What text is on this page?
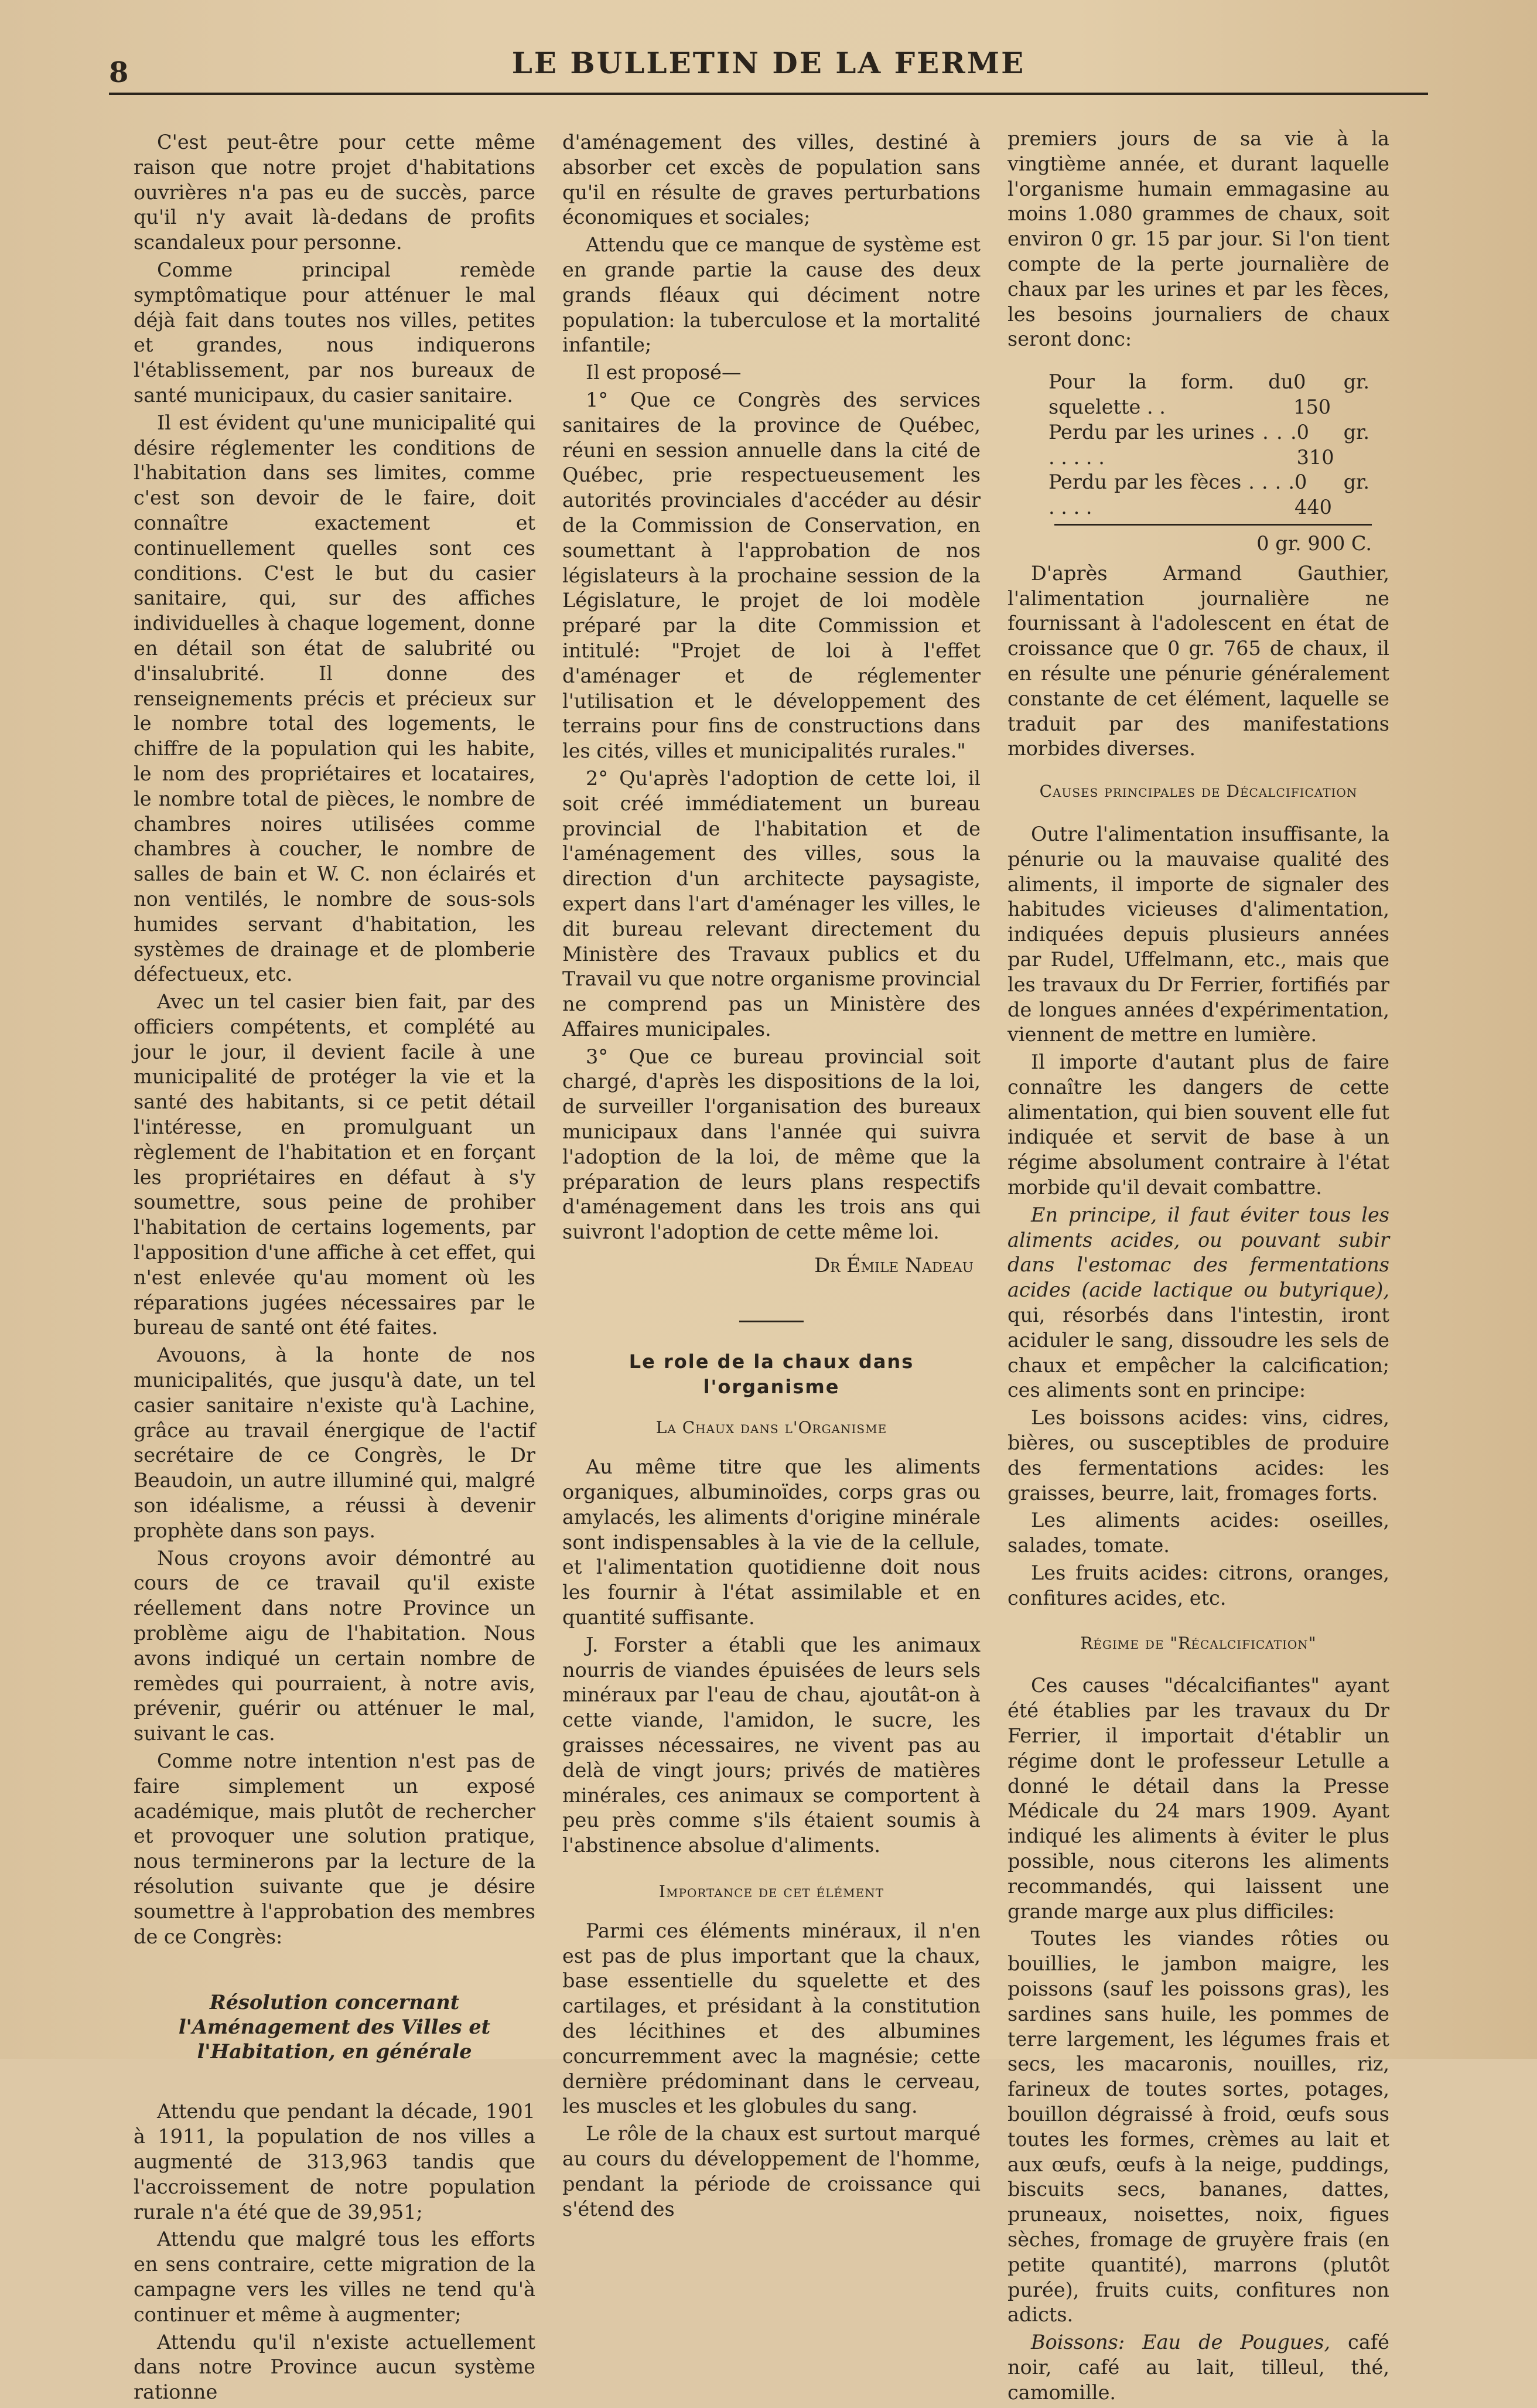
8	LE BULLETIN DE LA FERME

C'est peut-être pour cette même raison que notre projet d'habitations ouvrières n'a pas eu de succès, parce qu'il n'y avait là-dedans de profits scandaleux pour personne.

Comme principal remède symptômatique pour atténuer le mal déjà fait dans toutes nos villes, petites et grandes, nous indiquerons l'établissement, par nos bureaux de santé municipaux, du casier sanitaire.

Il est évident qu'une municipalité qui désire réglementer les conditions de l'habitation dans ses limites, comme c'est son devoir de le faire, doit connaître exactement et continuellement quelles sont ces conditions. C'est le but du casier sanitaire, qui, sur des affiches individuelles à chaque logement, donne en détail son état de salubrité ou d'insalubrité. Il donne des renseignements précis et précieux sur le nombre total des logements, le chiffre de la population qui les habite, le nom des propriétaires et locataires, le nombre total de pièces, le nombre de chambres noires utilisées comme chambres à coucher, le nombre de salles de bain et W. C. non éclairés et non ventilés, le nombre de sous-sols humides servant d'habitation, les systèmes de drainage et de plomberie défectueux, etc.

Avec un tel casier bien fait, par des officiers compétents, et complété au jour le jour, il devient facile à une municipalité de protéger la vie et la santé des habitants, si ce petit détail l'intéresse, en promulguant un règlement de l'habitation et en forçant les propriétaires en défaut à s'y soumettre, sous peine de prohiber l'habitation de certains logements, par l'apposition d'une affiche à cet effet, qui n'est enlevée qu'au moment où les réparations jugées nécessaires par le bureau de santé ont été faites.

Avouons, à la honte de nos municipalités, que jusqu'à date, un tel casier sanitaire n'existe qu'à Lachine, grâce au travail énergique de l'actif secrétaire de ce Congrès, le Dr Beaudoin, un autre illuminé qui, malgré son idéalisme, a réussi à devenir prophète dans son pays.

Nous croyons avoir démontré au cours de ce travail qu'il existe réellement dans notre Province un problème aigu de l'habitation. Nous avons indiqué un certain nombre de remèdes qui pourraient, à notre avis, prévenir, guérir ou atténuer le mal, suivant le cas.

Comme notre intention n'est pas de faire simplement un exposé académique, mais plutôt de rechercher et provoquer une solution pratique, nous terminerons par la lecture de la résolution suivante que je désire soumettre à l'approbation des membres de ce Congrès:

Résolution concernant l'Aménagement des Villes et l'Habitation, en générale

Attendu que pendant la décade, 1901 à 1911, la population de nos villes a augmenté de 313,963 tandis que l'accroissement de notre population rurale n'a été que de 39,951;

Attendu que malgré tous les efforts en sens contraire, cette migration de la campagne vers les villes ne tend qu'à continuer et même à augmenter;

Attendu qu'il n'existe actuellement dans notre Province aucun système rationne

d'aménagement des villes, destiné à absorber cet excès de population sans qu'il en résulte de graves perturbations économiques et sociales;

Attendu que ce manque de système est en grande partie la cause des deux grands fléaux qui déciment notre population: la tuberculose et la mortalité infantile;

Il est proposé—

1° Que ce Congrès des services sanitaires de la province de Québec, réuni en session annuelle dans la cité de Québec, prie respectueusement les autorités provinciales d'accéder au désir de la Commission de Conservation, en soumettant à l'approbation de nos législateurs à la prochaine session de la Législature, le projet de loi modèle préparé par la dite Commission et intitulé: "Projet de loi à l'effet d'aménager et de réglementer l'utilisation et le développement des terrains pour fins de constructions dans les cités, villes et municipalités rurales."

2° Qu'après l'adoption de cette loi, il soit créé immédiatement un bureau provincial de l'habitation et de l'aménagement des villes, sous la direction d'un architecte paysagiste, expert dans l'art d'aménager les villes, le dit bureau relevant directement du Ministère des Travaux publics et du Travail vu que notre organisme provincial ne comprend pas un Ministère des Affaires municipales.

3° Que ce bureau provincial soit chargé, d'après les dispositions de la loi, de surveiller l'organisation des bureaux municipaux dans l'année qui suivra l'adoption de la loi, de même que la préparation de leurs plans respectifs d'aménagement dans les trois ans qui suivront l'adoption de cette même loi.

Dr Émile Nadeau
Le role de la chaux dans l'organisme
La Chaux dans l'Organisme

Au même titre que les aliments organiques, albuminoïdes, corps gras ou amylacés, les aliments d'origine minérale sont indispensables à la vie de la cellule, et l'alimentation quotidienne doit nous les fournir à l'état assimilable et en quantité suffisante.

J. Forster a établi que les animaux nourris de viandes épuisées de leurs sels minéraux par l'eau de chau, ajoutât-on à cette viande, l'amidon, le sucre, les graisses nécessaires, ne vivent pas au delà de vingt jours; privés de matières minérales, ces animaux se comportent à peu près comme s'ils étaient soumis à l'abstinence absolue d'aliments.

Importance de cet élément

Parmi ces éléments minéraux, il n'en est pas de plus important que la chaux, base essentielle du squelette et des cartilages, et présidant à la constitution des lécithines et des albumines concurremment avec la magnésie; cette dernière prédominant dans le cerveau, les muscles et les globules du sang.

Le rôle de la chaux est surtout marqué au cours du développement de l'homme, pendant la période de croissance qui s'étend des

premiers jours de sa vie à la vingtième année, et durant laquelle l'organisme humain emmagasine au moins 1.080 grammes de chaux, soit environ 0 gr. 15 par jour. Si l'on tient compte de la perte journalière de chaux par les urines et par les fèces, les besoins journaliers de chaux seront donc:

Pour la form. du squelette . .
0 gr. 150
Perdu par les urines . . . . . . . .
0 gr. 310
Perdu par les fèces . . . . . . . .
0 gr. 440
0 gr. 900 C.

D'après Armand Gauthier, l'alimentation journalière ne fournissant à l'adolescent en état de croissance que 0 gr. 765 de chaux, il en résulte une pénurie généralement constante de cet élément, laquelle se traduit par des manifestations morbides diverses.

Causes principales de Décalcification

Outre l'alimentation insuffisante, la pénurie ou la mauvaise qualité des aliments, il importe de signaler des habitudes vicieuses d'alimentation, indiquées depuis plusieurs années par Rudel, Uffelmann, etc., mais que les travaux du Dr Ferrier, fortifiés par de longues années d'expérimentation, viennent de mettre en lumière.

Il importe d'autant plus de faire connaître les dangers de cette alimentation, qui bien souvent elle fut indiquée et servit de base à un régime absolument contraire à l'état morbide qu'il devait combattre.

En principe, il faut éviter tous les aliments acides, ou pouvant subir dans l'estomac des fermentations acides (acide lactique ou butyrique), qui, résorbés dans l'intestin, iront aciduler le sang, dissoudre les sels de chaux et empêcher la calcification; ces aliments sont en principe:

Les boissons acides: vins, cidres, bières, ou susceptibles de produire des fermentations acides: les graisses, beurre, lait, fromages forts.

Les aliments acides: oseilles, salades, tomate.

Les fruits acides: citrons, oranges, confitures acides, etc.

Régime de "Récalcification"

Ces causes "décalcifiantes" ayant été établies par les travaux du Dr Ferrier, il importait d'établir un régime dont le professeur Letulle a donné le détail dans la Presse Médicale du 24 mars 1909. Ayant indiqué les aliments à éviter le plus possible, nous citerons les aliments recommandés, qui laissent une grande marge aux plus difficiles:

Toutes les viandes rôties ou bouillies, le jambon maigre, les poissons (sauf les poissons gras), les sardines sans huile, les pommes de terre largement, les légumes frais et secs, les macaronis, nouilles, riz, farineux de toutes sortes, potages, bouillon dégraissé à froid, œufs sous toutes les formes, crèmes au lait et aux œufs, œufs à la neige, puddings, biscuits secs, bananes, dattes, pruneaux, noisettes, noix, figues sèches, fromage de gruyère frais (en petite quantité), marrons (plutôt purée), fruits cuits, confitures non adicts.

Boissons: Eau de Pougues, café noir, café au lait, tilleul, thé, camomille.
